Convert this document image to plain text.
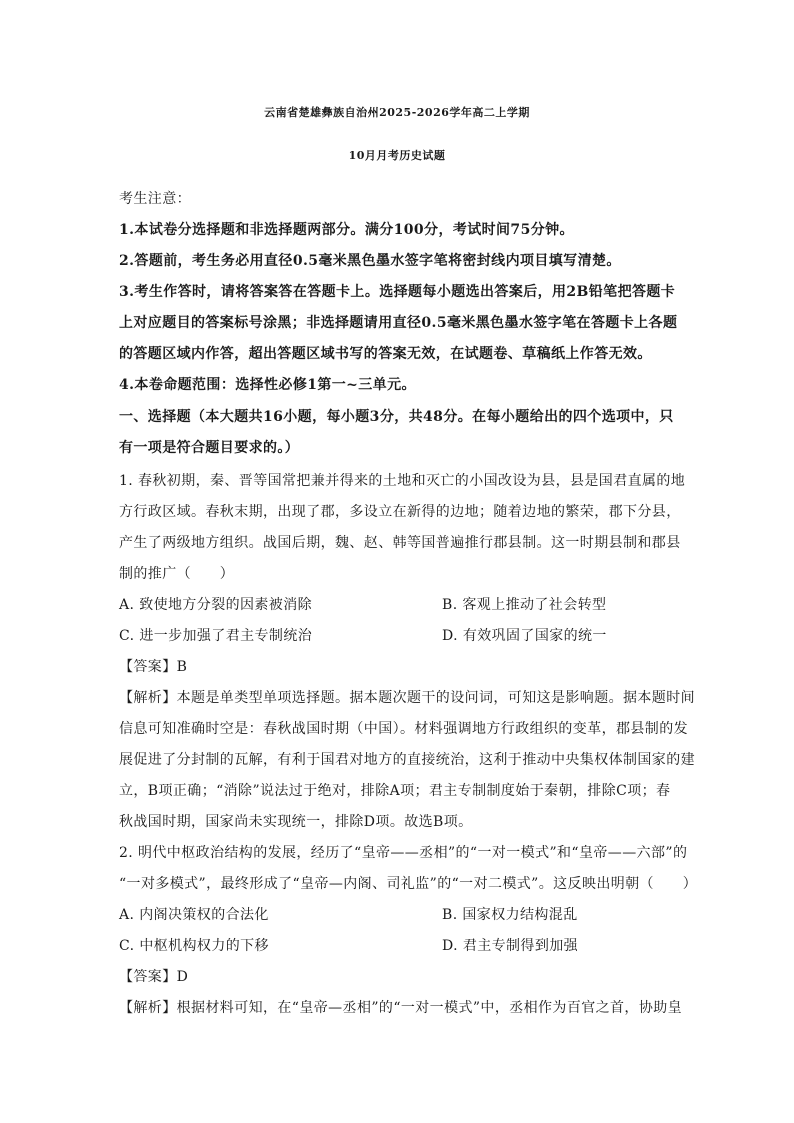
云南省楚雄彝族自治州2025-2026学年高二上学期
10月月考历史试题
考生注意：
1.本试卷分选择题和非选择题两部分。满分100分，考试时间75分钟。
2.答题前，考生务必用直径0.5毫米黑色墨水签字笔将密封线内项目填写清楚。
3.考生作答时，请将答案答在答题卡上。选择题每小题选出答案后，用2B铅笔把答题卡
上对应题目的答案标号涂黑；非选择题请用直径0.5毫米黑色墨水签字笔在答题卡上各题
的答题区域内作答，超出答题区域书写的答案无效，在试题卷、草稿纸上作答无效。
4.本卷命题范围：选择性必修1第一~三单元。
一、选择题（本大题共16小题，每小题3分，共48分。在每小题给出的四个选项中，只
有一项是符合题目要求的。）
1. 春秋初期，秦、晋等国常把兼并得来的土地和灭亡的小国改设为县，县是国君直属的地
方行政区域。春秋末期，出现了郡，多设立在新得的边地；随着边地的繁荣，郡下分县，
产生了两级地方组织。战国后期，魏、赵、韩等国普遍推行郡县制。这一时期县制和郡县
制的推广（　　）
A. 致使地方分裂的因素被消除	B. 客观上推动了社会转型
C. 进一步加强了君主专制统治	D. 有效巩固了国家的统一
【答案】B
【解析】本题是单类型单项选择题。据本题次题干的设问词，可知这是影响题。据本题时间
信息可知准确时空是：春秋战国时期（中国）。材料强调地方行政组织的变革，郡县制的发
展促进了分封制的瓦解，有利于国君对地方的直接统治，这利于推动中央集权体制国家的建
立，B项正确；“消除”说法过于绝对，排除A项；君主专制制度始于秦朝，排除C项；春
秋战国时期，国家尚未实现统一，排除D项。故选B项。
2. 明代中枢政治结构的发展，经历了“皇帝——丞相”的“一对一模式”和“皇帝——六部”的
“一对多模式”，最终形成了“皇帝—内阁、司礼监”的“一对二模式”。这反映出明朝（　　）
A. 内阁决策权的合法化	B. 国家权力结构混乱
C. 中枢机构权力的下移	D. 君主专制得到加强
【答案】D
【解析】根据材料可知，在“皇帝—丞相”的“一对一模式”中，丞相作为百官之首，协助皇
